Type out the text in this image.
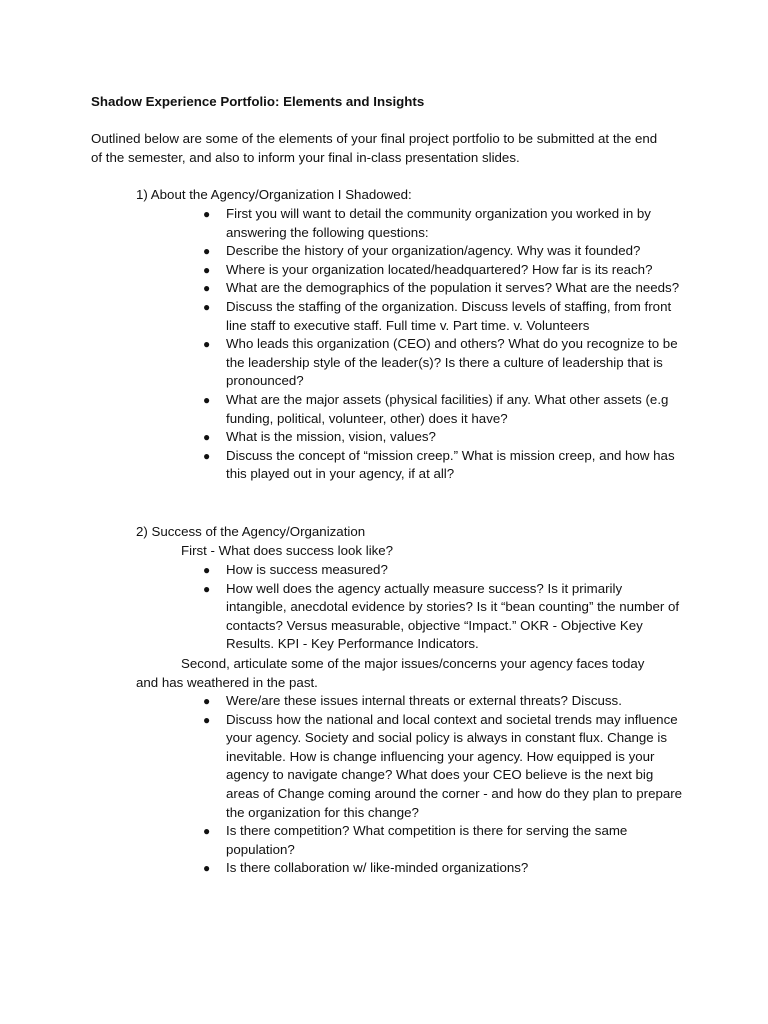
Shadow Experience Portfolio: Elements and Insights

Outlined below are some of the elements of your final project portfolio to be submitted at the end of the semester, and also to inform your final in-class presentation slides.

1) About the Agency/Organization I Shadowed:
● First you will want to detail the community organization you worked in by answering the following questions:
● Describe the history of your organization/agency. Why was it founded?
● Where is your organization located/headquartered? How far is its reach?
● What are the demographics of the population it serves? What are the needs?
● Discuss the staffing of the organization. Discuss levels of staffing, from front line staff to executive staff. Full time v. Part time. v. Volunteers
● Who leads this organization (CEO) and others? What do you recognize to be the leadership style of the leader(s)? Is there a culture of leadership that is pronounced?
● What are the major assets (physical facilities) if any. What other assets (e.g funding, political, volunteer, other) does it have?
● What is the mission, vision, values?
● Discuss the concept of “mission creep.” What is mission creep, and how has this played out in your agency, if at all?
2) Success of the Agency/Organization
First - What does success look like?
● How is success measured?
● How well does the agency actually measure success? Is it primarily intangible, anecdotal evidence by stories? Is it “bean counting” the number of contacts? Versus measurable, objective “Impact.” OKR - Objective Key Results. KPI - Key Performance Indicators.

Second, articulate some of the major issues/concerns your agency faces today and has weathered in the past.

● Were/are these issues internal threats or external threats? Discuss.
● Discuss how the national and local context and societal trends may influence your agency. Society and social policy is always in constant flux. Change is inevitable. How is change influencing your agency. How equipped is your agency to navigate change? What does your CEO believe is the next big areas of Change coming around the corner - and how do they plan to prepare the organization for this change?
● Is there competition? What competition is there for serving the same population?
● Is there collaboration w/ like-minded organizations?
